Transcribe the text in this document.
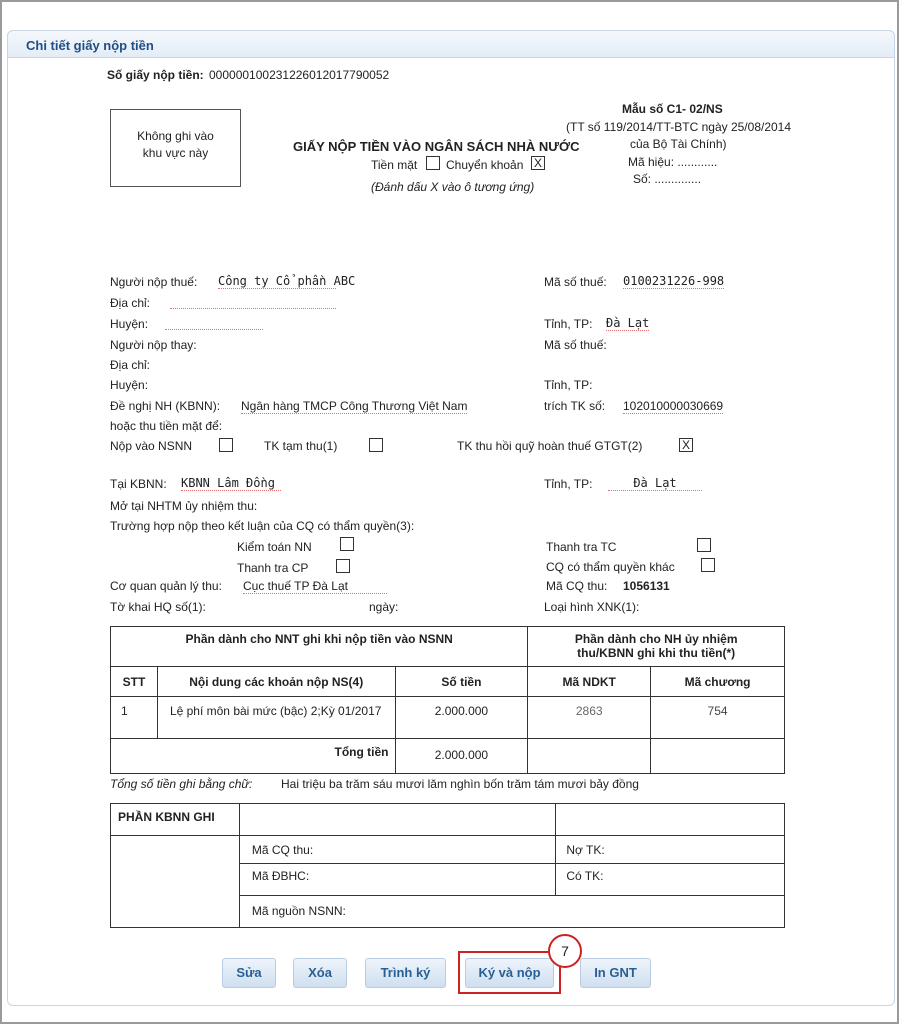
Chi tiết giấy nộp tiền
Số giấy nộp tiền: 000000100231226012017790052
Mẫu số C1- 02/NS
(TT số 119/2014/TT-BTC ngày 25/08/2014
của Bộ Tài Chính)
Mã hiệu: ............
Số: ..............
Không ghi vào
khu vực này	GIẤY NỘP TIỀN VÀO NGÂN SÁCH NHÀ NƯỚC
Tiền mặt Chuyển khoản X
(Đánh dấu X vào ô tương ứng)
Người nộp thuế: Công ty Cổ phần ABC	Mã số thuế: 0100231226-998
Địa chỉ:
Huyện:	Tỉnh, TP: Đà Lạt
Người nộp thay:	Mã số thuế:
Địa chỉ:
Huyện:	Tỉnh, TP:
Đề nghị NH (KBNN): Ngân hàng TMCP Công Thương Việt Nam	trích TK số: 102010000030669
hoặc thu tiền mặt để:
Nộp vào NSNN	TK tạm thu(1)	TK thu hồi quỹ hoàn thuế GTGT(2)	X
Tại KBNN: KBNN Lâm Đồng	Tỉnh, TP:	Đà Lạt
Mở tại NHTM ủy nhiệm thu:
Trường hợp nộp theo kết luận của CQ có thẩm quyền(3):
Kiểm toán NN	Thanh tra TC
Thanh tra CP	CQ có thẩm quyền khác
Cơ quan quản lý thu: Cục thuế TP Đà Lạt	Mã CQ thu: 1056131
Tờ khai HQ số(1):	ngày:	Loại hình XNK(1):
Phần dành cho NNT ghi khi nộp tiền vào NSNN			Phần dành cho NH ủy nhiệm thu/KBNN ghi khi thu tiền(*)	
STT	Nội dung các khoản nộp NS(4)	Số tiền	Mã NDKT	Mã chương
1	Lệ phí môn bài mức (bậc) 2;Kỳ 01/2017	2.000.000	2863	754
Tổng tiền		2.000.000		
Tổng số tiền ghi bằng chữ: Hai triệu ba trăm sáu mươi lăm nghìn bốn trăm tám mươi bảy đồng
PHẦN KBNN GHI		
	Mã CQ thu:	Nợ TK:
	Mã ĐBHC:	Có TK:
	Mã nguồn NSNN:	
Sửa	Xóa	Trình ký	Ký và nộp	In GNT
7
